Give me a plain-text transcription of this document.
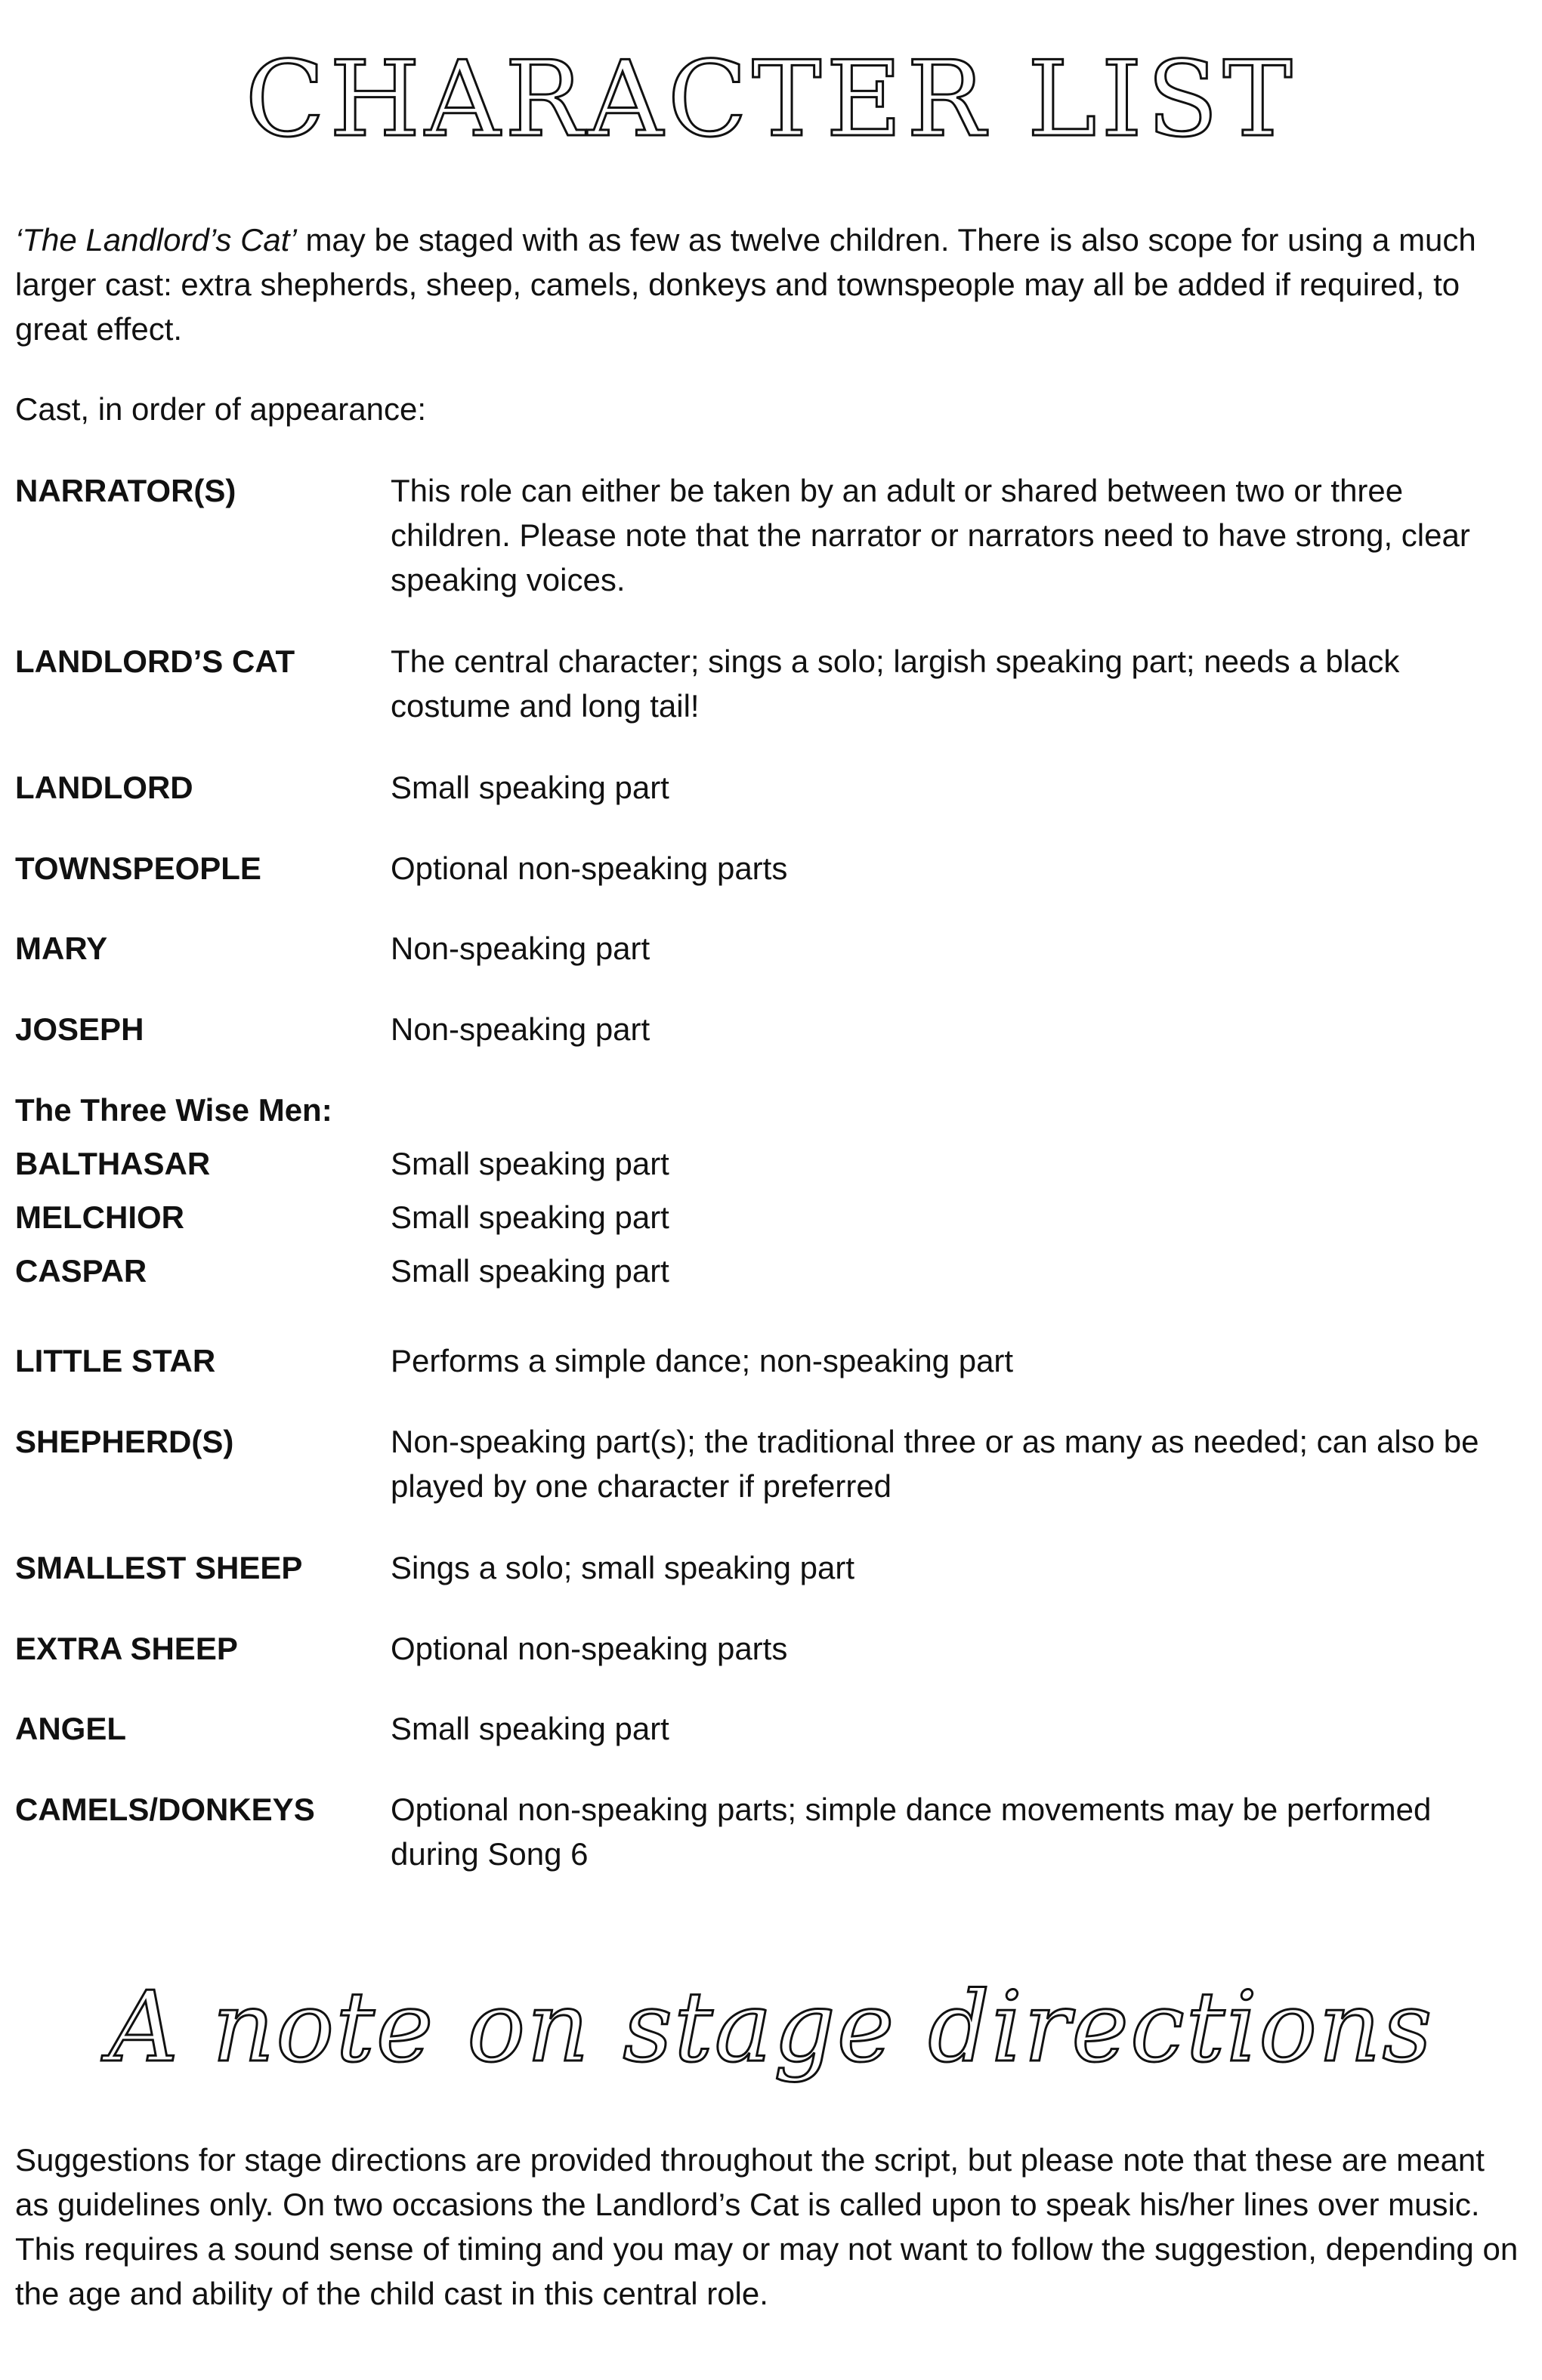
CHARACTER LIST
‘The Landlord’s Cat’ may be staged with as few as twelve children. There is also scope for using a much larger cast: extra shepherds, sheep, camels, donkeys and townspeople may all be added if required, to great effect.
Cast, in order of appearance:
NARRATOR(S)	This role can either be taken by an adult or shared between two or three children. Please note that the narrator or narrators need to have strong, clear speaking voices.
LANDLORD’S CAT	The central character; sings a solo; largish speaking part; needs a black costume and long tail!
LANDLORD	Small speaking part
TOWNSPEOPLE	Optional non-speaking parts
MARY	Non-speaking part
JOSEPH	Non-speaking part
The Three Wise Men:
BALTHASAR	Small speaking part
MELCHIOR	Small speaking part
CASPAR	Small speaking part
LITTLE STAR	Performs a simple dance; non-speaking part
SHEPHERD(S)	Non-speaking part(s); the traditional three or as many as needed; can also be played by one character if preferred
SMALLEST SHEEP	Sings a solo; small speaking part
EXTRA SHEEP	Optional non-speaking parts
ANGEL	Small speaking part
CAMELS/DONKEYS	Optional non-speaking parts; simple dance movements may be performed during Song 6
A note on stage directions
Suggestions for stage directions are provided throughout the script, but please note that these are meant as guidelines only. On two occasions the Landlord’s Cat is called upon to speak his/her lines over music. This requires a sound sense of timing and you may or may not want to follow the suggestion, depending on the age and ability of the child cast in this central role.
